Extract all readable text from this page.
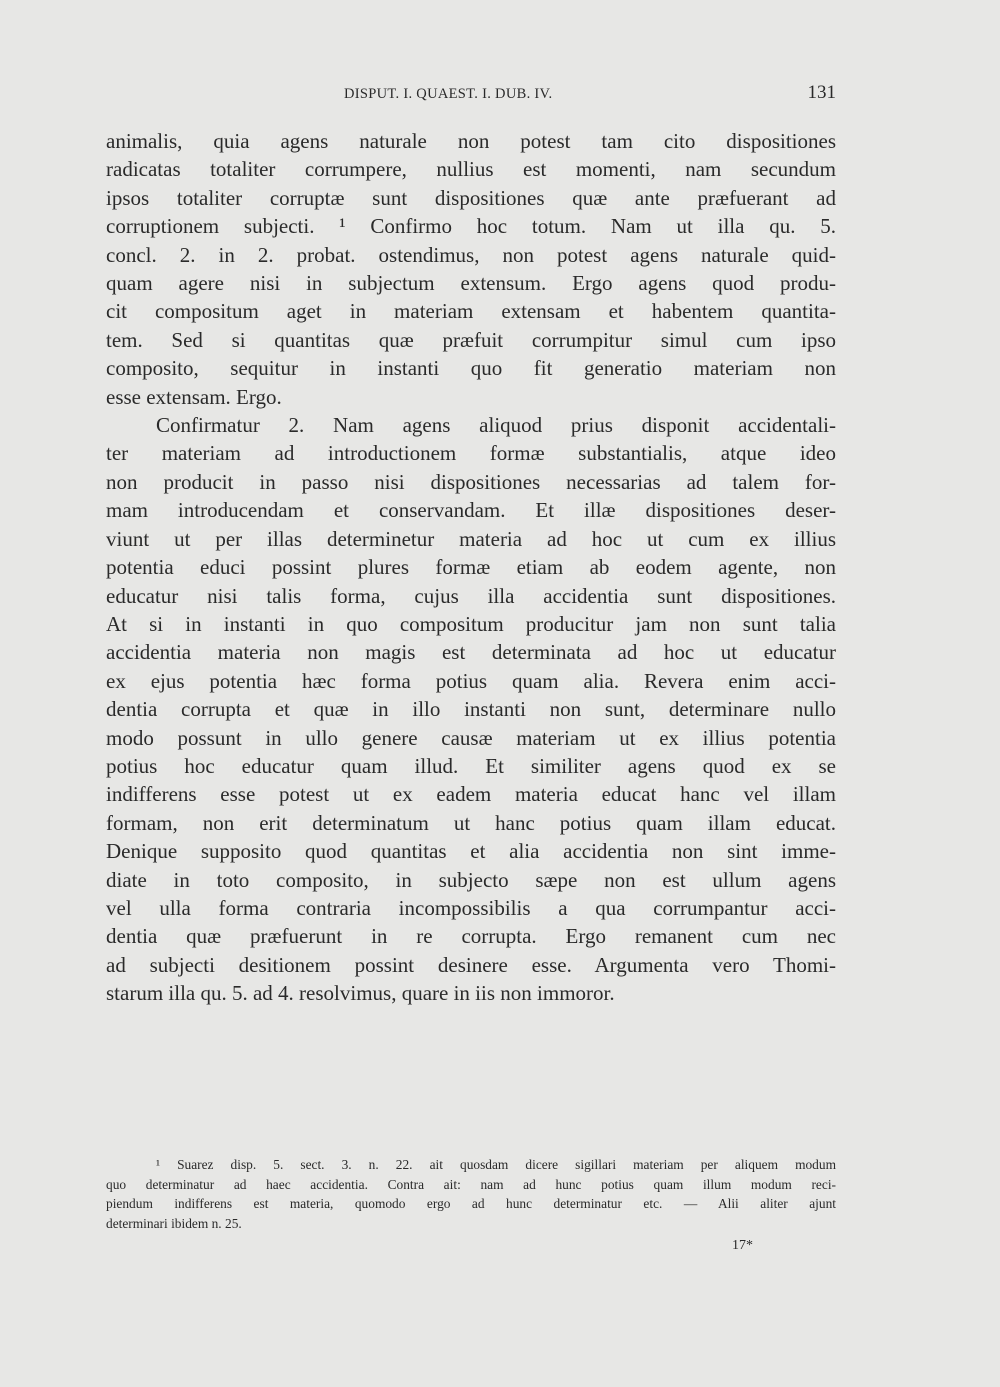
DISPUT. I. QUAEST. I. DUB. IV.	131
animalis, quia agens naturale non potest tam cito dispositiones
radicatas totaliter corrumpere, nullius est momenti, nam secundum
ipsos totaliter corruptæ sunt dispositiones quæ ante præfuerant ad
corruptionem subjecti. ¹ Confirmo hoc totum. Nam ut illa qu. 5.
concl. 2. in 2. probat. ostendimus, non potest agens naturale quid-
quam agere nisi in subjectum extensum. Ergo agens quod produ-
cit compositum aget in materiam extensam et habentem quantita-
tem. Sed si quantitas quæ præfuit corrumpitur simul cum ipso
composito, sequitur in instanti quo fit generatio materiam non
esse extensam. Ergo.
Confirmatur 2. Nam agens aliquod prius disponit accidentali-
ter materiam ad introductionem formæ substantialis, atque ideo
non producit in passo nisi dispositiones necessarias ad talem for-
mam introducendam et conservandam. Et illæ dispositiones deser-
viunt ut per illas determinetur materia ad hoc ut cum ex illius
potentia educi possint plures formæ etiam ab eodem agente, non
educatur nisi talis forma, cujus illa accidentia sunt dispositiones.
At si in instanti in quo compositum producitur jam non sunt talia
accidentia materia non magis est determinata ad hoc ut educatur
ex ejus potentia hæc forma potius quam alia. Revera enim acci-
dentia corrupta et quæ in illo instanti non sunt, determinare nullo
modo possunt in ullo genere causæ materiam ut ex illius potentia
potius hoc educatur quam illud. Et similiter agens quod ex se
indifferens esse potest ut ex eadem materia educat hanc vel illam
formam, non erit determinatum ut hanc potius quam illam educat.
Denique supposito quod quantitas et alia accidentia non sint imme-
diate in toto composito, in subjecto sæpe non est ullum agens
vel ulla forma contraria incompossibilis a qua corrumpantur acci-
dentia quæ præfuerunt in re corrupta. Ergo remanent cum nec
ad subjecti desitionem possint desinere esse. Argumenta vero Thomi-
starum illa qu. 5. ad 4. resolvimus, quare in iis non immoror.
¹ Suarez disp. 5. sect. 3. n. 22. ait quosdam dicere sigillari materiam per aliquem modum
quo determinatur ad haec accidentia. Contra ait: nam ad hunc potius quam illum modum reci-
piendum indifferens est materia, quomodo ergo ad hunc determinatur etc. — Alii aliter ajunt
determinari ibidem n. 25.
17*
